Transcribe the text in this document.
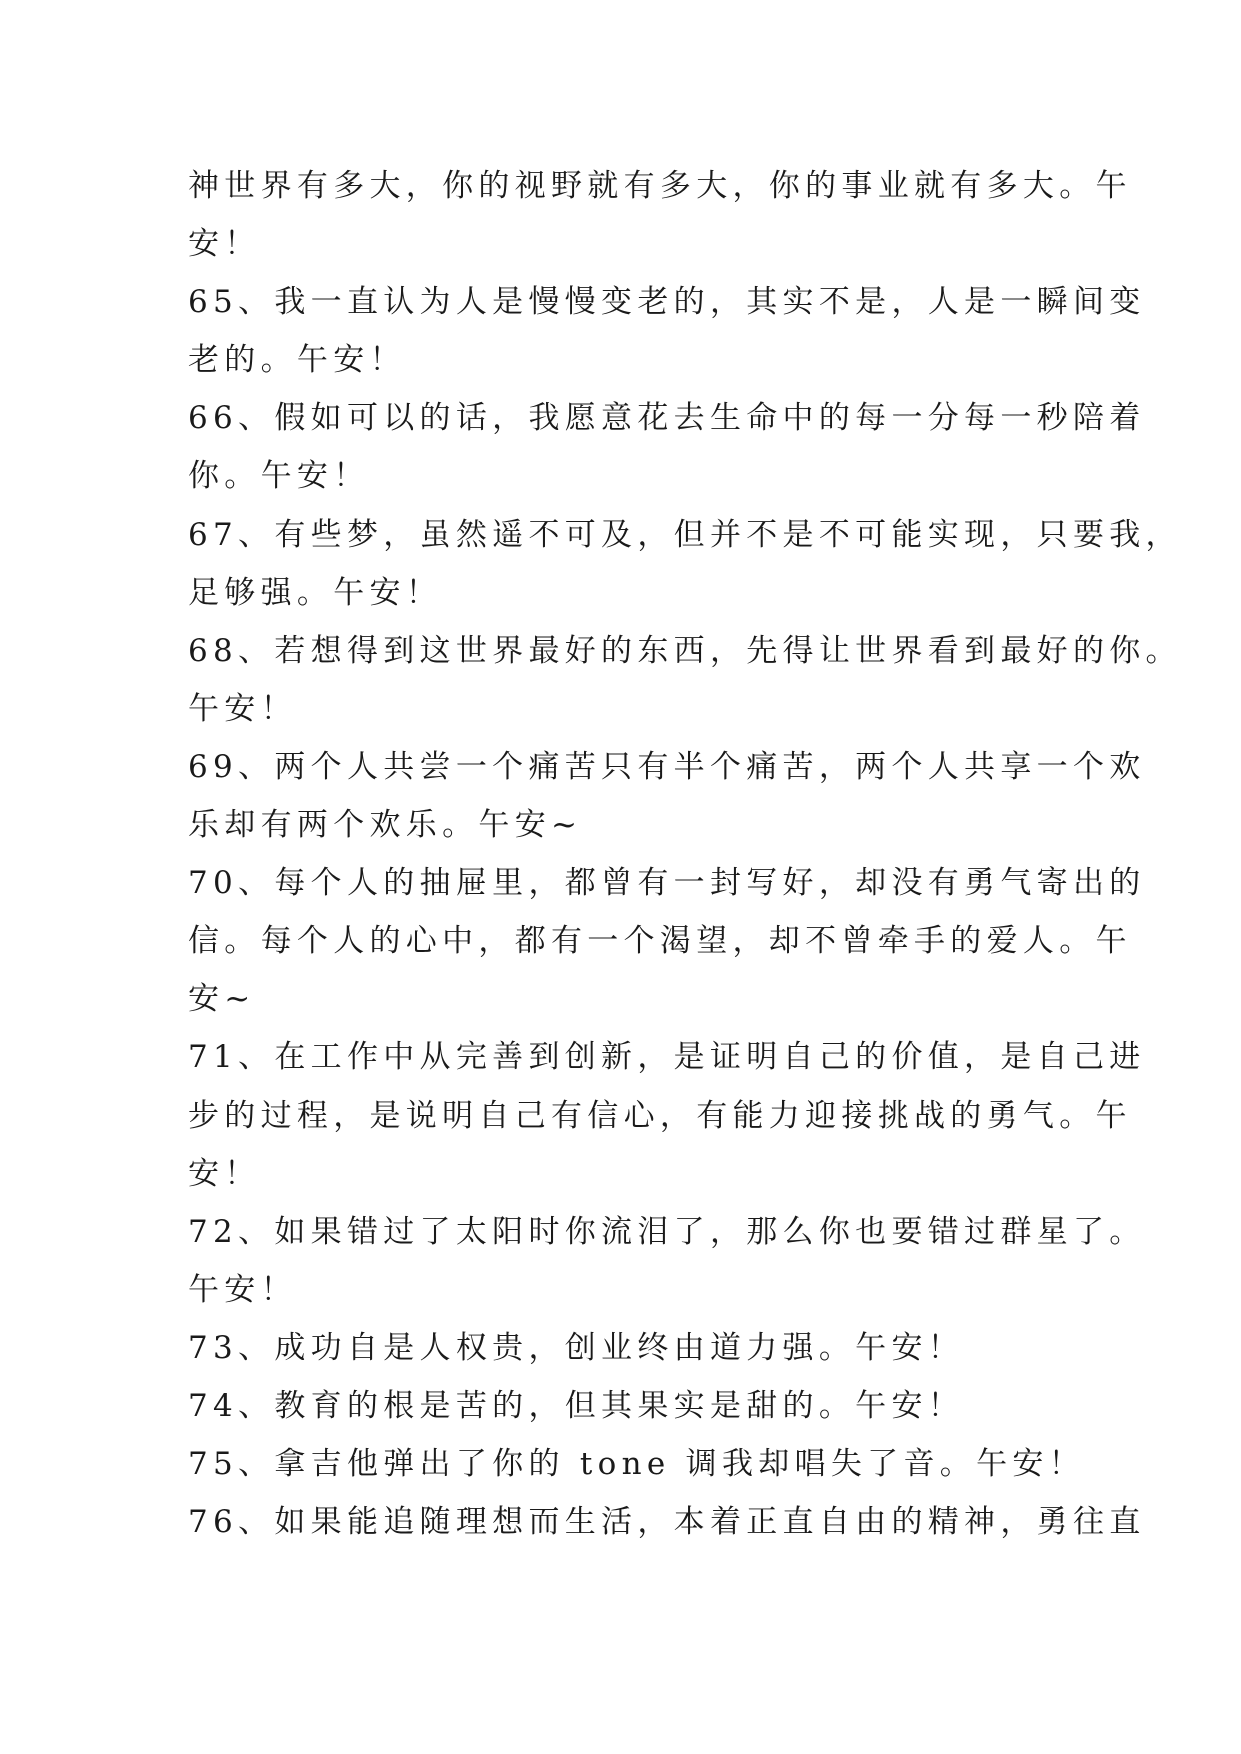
神世界有多大，你的视野就有多大，你的事业就有多大。午
安！
65、我一直认为人是慢慢变老的，其实不是，人是一瞬间变
老的。午安！
66、假如可以的话，我愿意花去生命中的每一分每一秒陪着
你。午安！
67、有些梦，虽然遥不可及，但并不是不可能实现，只要我，
足够强。午安！
68、若想得到这世界最好的东西，先得让世界看到最好的你。
午安！
69、两个人共尝一个痛苦只有半个痛苦，两个人共享一个欢
乐却有两个欢乐。午安~
70、每个人的抽屉里，都曾有一封写好，却没有勇气寄出的
信。每个人的心中，都有一个渴望，却不曾牵手的爱人。午
安~
71、在工作中从完善到创新，是证明自己的价值，是自己进
步的过程，是说明自己有信心，有能力迎接挑战的勇气。午
安！
72、如果错过了太阳时你流泪了，那么你也要错过群星了。
午安！
73、成功自是人权贵，创业终由道力强。午安！
74、教育的根是苦的，但其果实是甜的。午安！
75、拿吉他弹出了你的 tone 调我却唱失了音。午安！
76、如果能追随理想而生活，本着正直自由的精神，勇往直
